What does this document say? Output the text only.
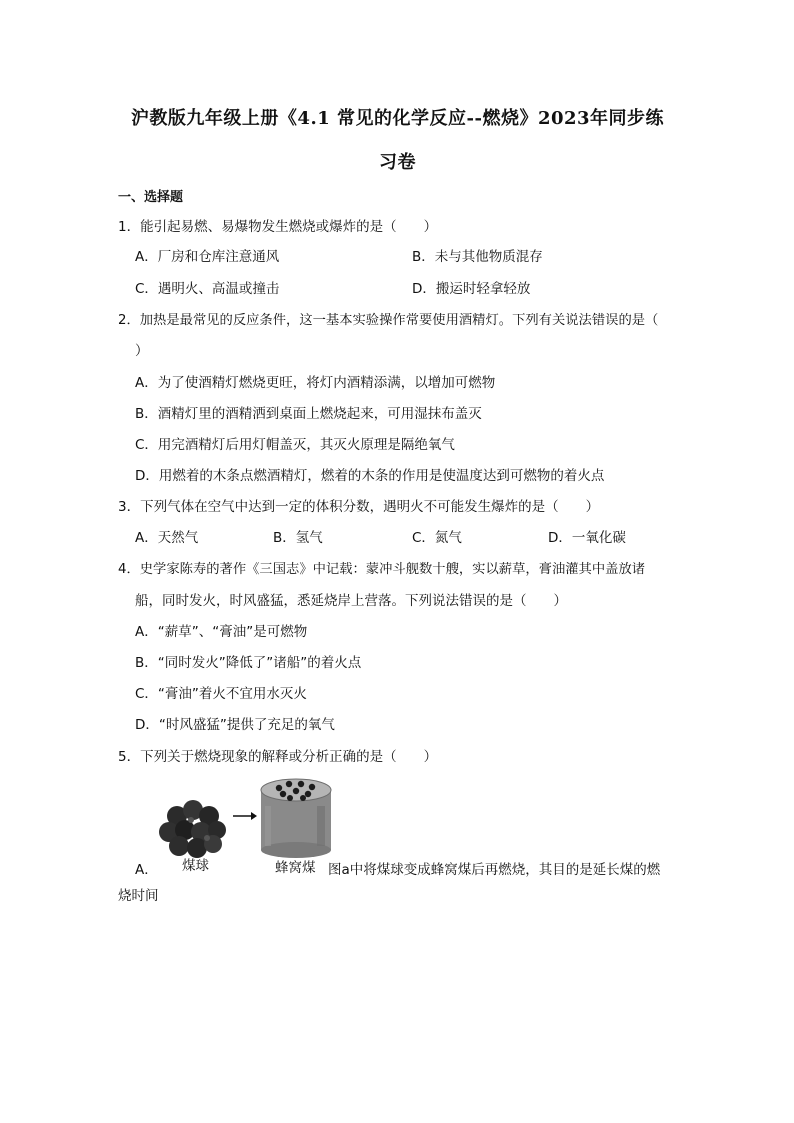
沪教版九年级上册《4.1 常见的化学反应--燃烧》2023年同步练
习卷
一、选择题
1．能引起易燃、易爆物发生燃烧或爆炸的是（　　）
A．厂房和仓库注意通风	B．未与其他物质混存
C．遇明火、高温或撞击	D．搬运时轻拿轻放
2．加热是最常见的反应条件，这一基本实验操作常要使用酒精灯。下列有关说法错误的是（
）
A．为了使酒精灯燃烧更旺，将灯内酒精添满，以增加可燃物
B．酒精灯里的酒精洒到桌面上燃烧起来，可用湿抹布盖灭
C．用完酒精灯后用灯帽盖灭，其灭火原理是隔绝氧气
D．用燃着的木条点燃酒精灯，燃着的木条的作用是使温度达到可燃物的着火点
3．下列气体在空气中达到一定的体积分数，遇明火不可能发生爆炸的是（　　）
A．天然气	B．氢气	C．氮气	D．一氧化碳
4．史学家陈寿的著作《三国志》中记载：蒙冲斗舰数十艘，实以薪草，膏油灌其中盖放诸
船，同时发火，时风盛猛，悉延烧岸上营落。下列说法错误的是（　　）
A．“薪草”、“膏油”是可燃物
B．“同时发火”降低了”诸船”的着火点
C．“膏油”着火不宜用水灭火
D．“时风盛猛”提供了充足的氧气
5．下列关于燃烧现象的解释或分析正确的是（　　）
A． 煤球	蜂窝煤 图a中将煤球变成蜂窝煤后再燃烧，其目的是延长煤的燃
烧时间
